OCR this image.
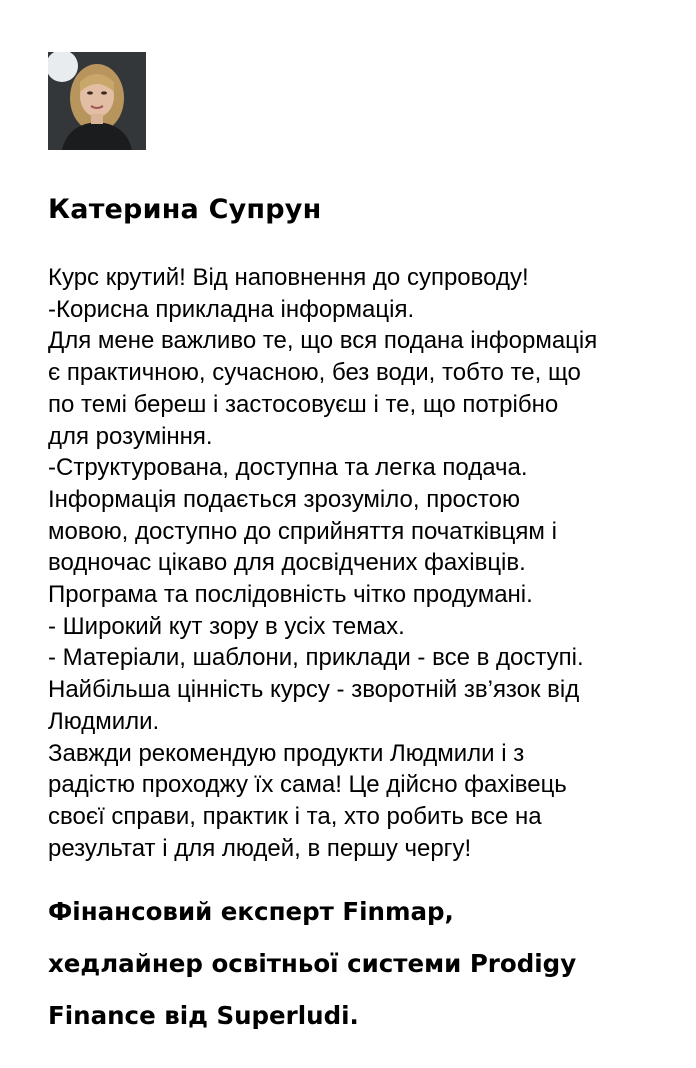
Катерина Супрун
Курс крутий! Від наповнення до супроводу!
-Корисна прикладна інформація.
Для мене важливо те, що вся подана інформація
є практичною, сучасною, без води, тобто те, що
по темі береш і застосовуєш і те, що потрібно
для розуміння.
-Структурована, доступна та легка подача.
Інформація подається зрозуміло, простою
мовою, доступно до сприйняття початківцям і
водночас цікаво для досвідчених фахівців.
Програма та послідовність чітко продумані.
- Широкий кут зору в усіх темах.
- Матеріали, шаблони, приклади - все в доступі.
Найбільша цінність курсу - зворотній зв’язок від
Людмили.
Завжди рекомендую продукти Людмили і з
радістю проходжу їх сама! Це дійсно фахівець
своєї справи, практик і та, хто робить все на
результат і для людей, в першу чергу!
Фінансовий експерт Finmap,
хедлайнер освітньої системи Prodigy
Finance від Superludi.
